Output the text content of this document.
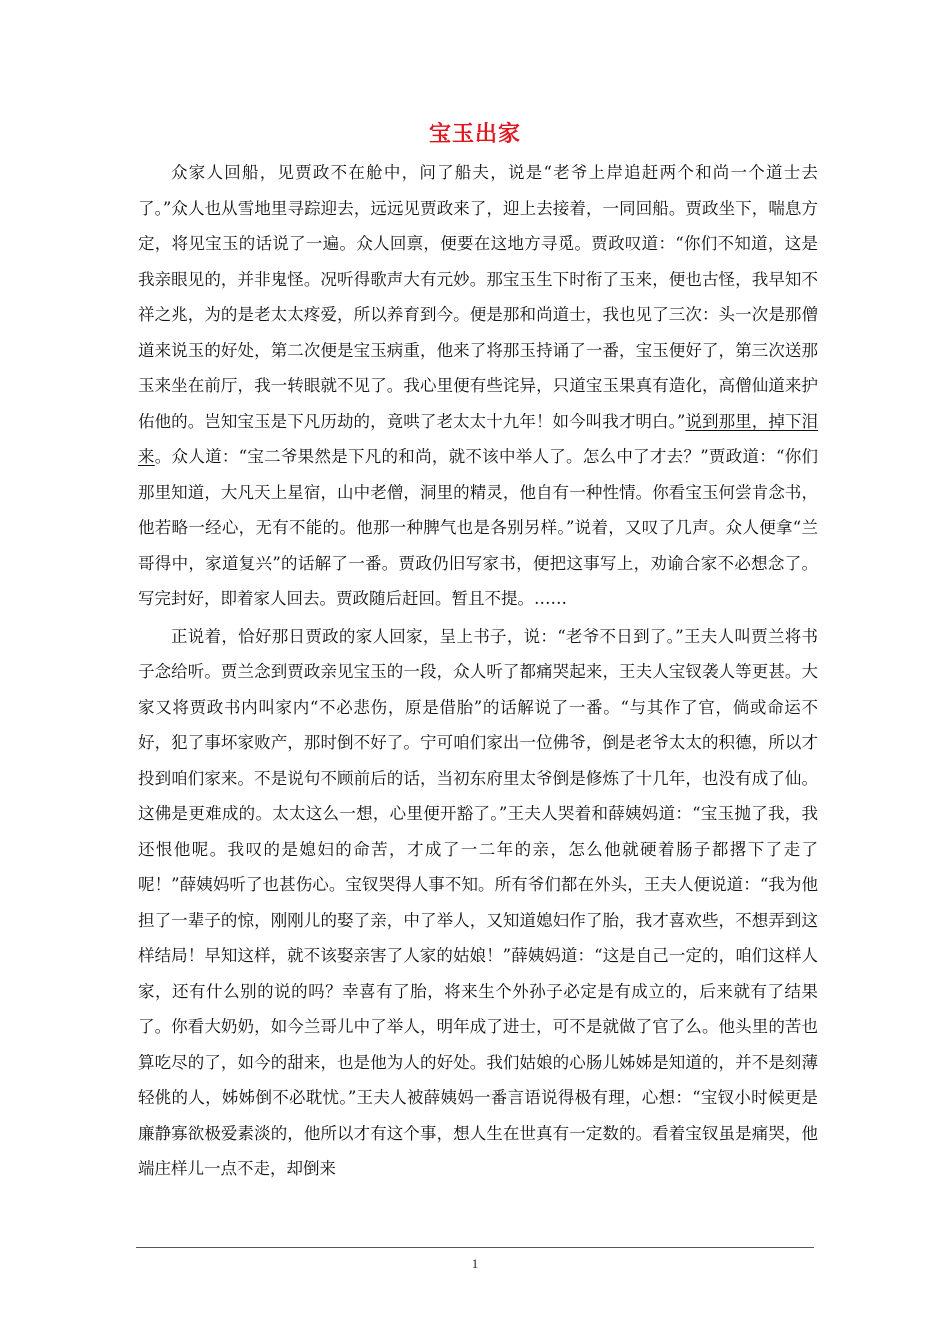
宝玉出家

众家人回船，见贾政不在舱中，问了船夫，说是“老爷上岸追赶两个和尚一个道士去了。”众人也从雪地里寻踪迎去，远远见贾政来了，迎上去接着，一同回船。贾政坐下，喘息方定，将见宝玉的话说了一遍。众人回禀，便要在这地方寻觅。贾政叹道：“你们不知道，这是我亲眼见的，并非鬼怪。况听得歌声大有元妙。那宝玉生下时衔了玉来，便也古怪，我早知不祥之兆，为的是老太太疼爱，所以养育到今。便是那和尚道士，我也见了三次：头一次是那僧道来说玉的好处，第二次便是宝玉病重，他来了将那玉持诵了一番，宝玉便好了，第三次送那玉来坐在前厅，我一转眼就不见了。我心里便有些诧异，只道宝玉果真有造化，高僧仙道来护佑他的。岂知宝玉是下凡历劫的，竟哄了老太太十九年！如今叫我才明白。”说到那里，掉下泪来。众人道：“宝二爷果然是下凡的和尚，就不该中举人了。怎么中了才去？”贾政道：“你们那里知道，大凡天上星宿，山中老僧，洞里的精灵，他自有一种性情。你看宝玉何尝肯念书，他若略一经心，无有不能的。他那一种脾气也是各别另样。”说着，又叹了几声。众人便拿“兰哥得中，家道复兴”的话解了一番。贾政仍旧写家书，便把这事写上，劝谕合家不必想念了。写完封好，即着家人回去。贾政随后赶回。暂且不提。……

正说着，恰好那日贾政的家人回家，呈上书子，说：“老爷不日到了。”王夫人叫贾兰将书子念给听。贾兰念到贾政亲见宝玉的一段，众人听了都痛哭起来，王夫人宝钗袭人等更甚。大家又将贾政书内叫家内“不必悲伤，原是借胎”的话解说了一番。“与其作了官，倘或命运不好，犯了事坏家败产，那时倒不好了。宁可咱们家出一位佛爷，倒是老爷太太的积德，所以才投到咱们家来。不是说句不顾前后的话，当初东府里太爷倒是修炼了十几年，也没有成了仙。这佛是更难成的。太太这么一想，心里便开豁了。”王夫人哭着和薛姨妈道：“宝玉抛了我，我还恨他呢。我叹的是媳妇的命苦，才成了一二年的亲，怎么他就硬着肠子都撂下了走了呢！”薛姨妈听了也甚伤心。宝钗哭得人事不知。所有爷们都在外头，王夫人便说道：“我为他担了一辈子的惊，刚刚儿的娶了亲，中了举人，又知道媳妇作了胎，我才喜欢些，不想弄到这样结局！早知这样，就不该娶亲害了人家的姑娘！”薛姨妈道：“这是自己一定的，咱们这样人家，还有什么别的说的吗？幸喜有了胎，将来生个外孙子必定是有成立的，后来就有了结果了。你看大奶奶，如今兰哥儿中了举人，明年成了进士，可不是就做了官了么。他头里的苦也算吃尽的了，如今的甜来，也是他为人的好处。我们姑娘的心肠儿姊姊是知道的，并不是刻薄轻佻的人，姊姊倒不必耽忧。”王夫人被薛姨妈一番言语说得极有理，心想：“宝钗小时候更是廉静寡欲极爱素淡的，他所以才有这个事，想人生在世真有一定数的。看着宝钗虽是痛哭，他端庄样儿一点不走，却倒来

1
